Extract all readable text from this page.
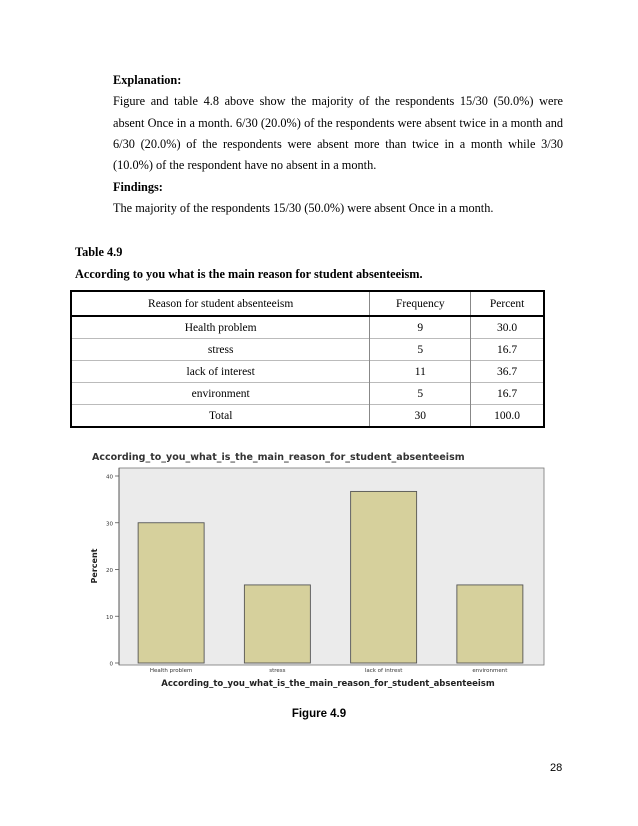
Explanation:
Figure and table 4.8 above show the majority of the respondents 15/30 (50.0%) were absent Once in a month. 6/30 (20.0%) of the respondents were absent twice in a month and 6/30 (20.0%) of the respondents were absent more than twice in a month while 3/30 (10.0%) of the respondent have no absent in a month.
Findings:
The majority of the respondents 15/30 (50.0%) were absent Once in a month.
Table 4.9
According to you what is the main reason for student absenteeism.
Reason for student absenteeism	Frequency	Percent
Health problem	9	30.0
stress	5	16.7
lack of interest	11	36.7
environment	5	16.7
Total	30	100.0
According_to_you_what_is_the_main_reason_for_student_absenteeism
0
10
20
30
40
Health problem	stress	lack of intrest	environment
Percent
According_to_you_what_is_the_main_reason_for_student_absenteeism
Figure 4.9
28
